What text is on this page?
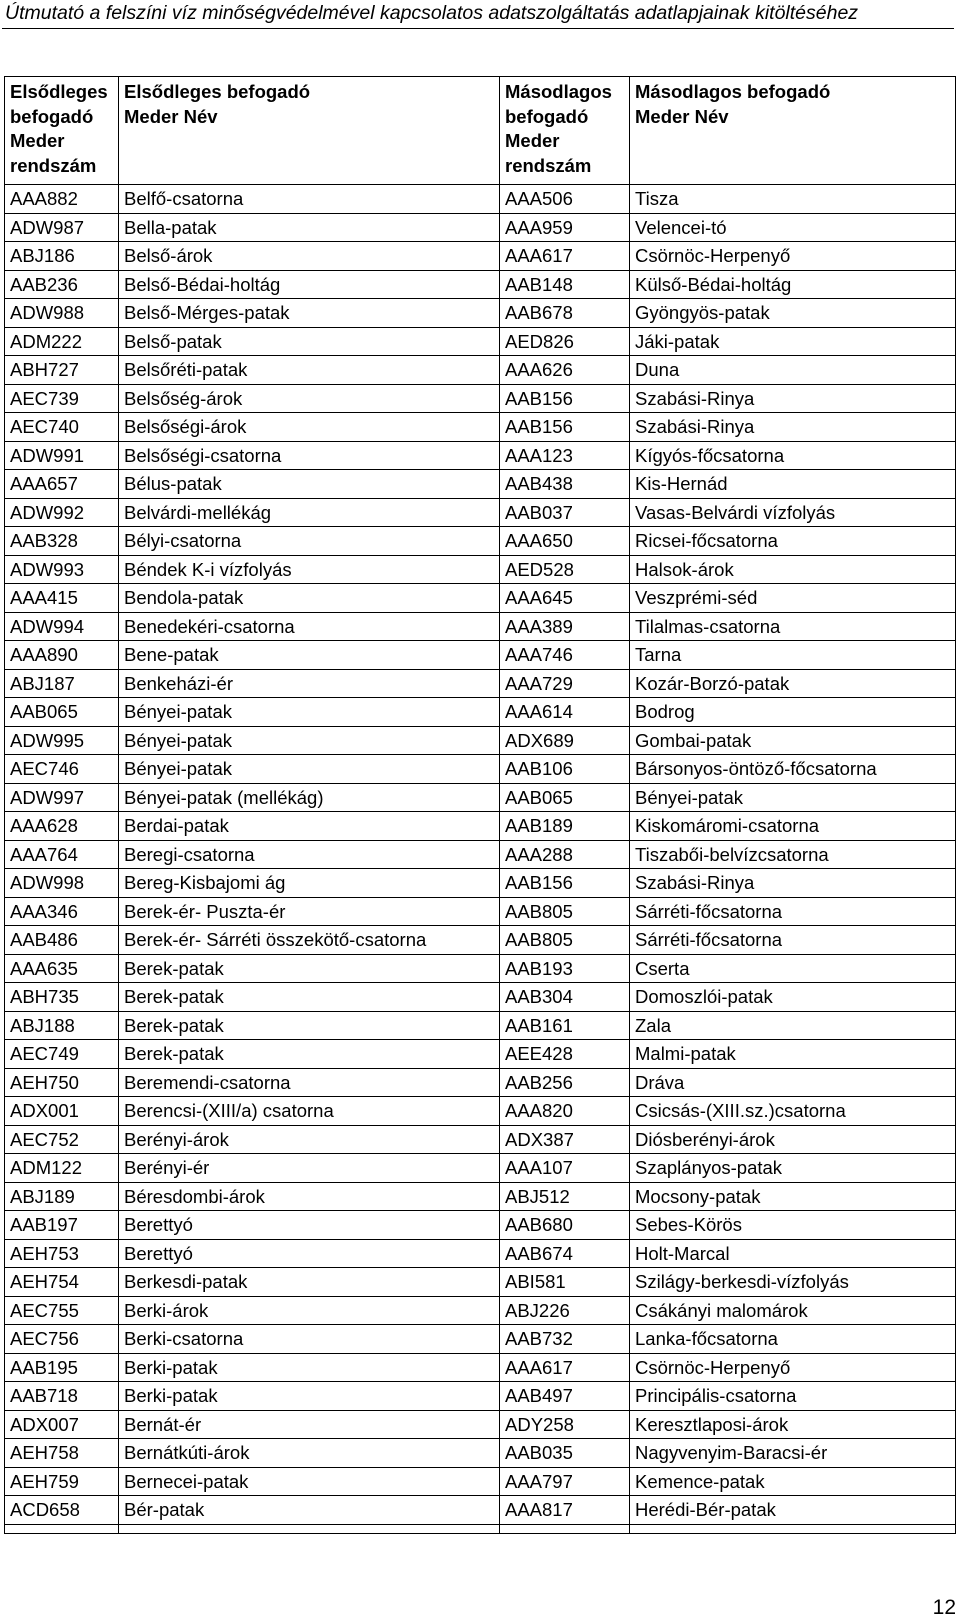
Útmutató a felszíni víz minőségvédelmével kapcsolatos adatszolgáltatás adatlapjainak kitöltéséhez
Elsődleges befogadó Meder rendszám	Elsődleges befogadó Meder Név	Másodlagos befogadó Meder rendszám	Másodlagos befogadó Meder Név

AAA882	Belfő-csatorna	AAA506	Tisza
ADW987	Bella-patak	AAA959	Velencei-tó
ABJ186	Belső-árok	AAA617	Csörnöc-Herpenyő
AAB236	Belső-Bédai-holtág	AAB148	Külső-Bédai-holtág
ADW988	Belső-Mérges-patak	AAB678	Gyöngyös-patak
ADM222	Belső-patak	AED826	Jáki-patak
ABH727	Belsőréti-patak	AAA626	Duna
AEC739	Belsőség-árok	AAB156	Szabási-Rinya
AEC740	Belsőségi-árok	AAB156	Szabási-Rinya
ADW991	Belsőségi-csatorna	AAA123	Kígyós-főcsatorna
AAA657	Bélus-patak	AAB438	Kis-Hernád
ADW992	Belvárdi-mellékág	AAB037	Vasas-Belvárdi vízfolyás
AAB328	Bélyi-csatorna	AAA650	Ricsei-főcsatorna
ADW993	Béndek K-i vízfolyás	AED528	Halsok-árok
AAA415	Bendola-patak	AAA645	Veszprémi-séd
ADW994	Benedekéri-csatorna	AAA389	Tilalmas-csatorna
AAA890	Bene-patak	AAA746	Tarna
ABJ187	Benkeházi-ér	AAA729	Kozár-Borzó-patak
AAB065	Bényei-patak	AAA614	Bodrog
ADW995	Bényei-patak	ADX689	Gombai-patak
AEC746	Bényei-patak	AAB106	Bársonyos-öntöző-főcsatorna
ADW997	Bényei-patak (mellékág)	AAB065	Bényei-patak
AAA628	Berdai-patak	AAB189	Kiskomáromi-csatorna
AAA764	Beregi-csatorna	AAA288	Tiszabői-belvízcsatorna
ADW998	Bereg-Kisbajomi ág	AAB156	Szabási-Rinya
AAA346	Berek-ér- Puszta-ér	AAB805	Sárréti-főcsatorna
AAB486	Berek-ér- Sárréti összekötő-csatorna	AAB805	Sárréti-főcsatorna
AAA635	Berek-patak	AAB193	Cserta
ABH735	Berek-patak	AAB304	Domoszlói-patak
ABJ188	Berek-patak	AAB161	Zala
AEC749	Berek-patak	AEE428	Malmi-patak
AEH750	Beremendi-csatorna	AAB256	Dráva
ADX001	Berencsi-(XIII/a) csatorna	AAA820	Csicsás-(XIII.sz.)csatorna
AEC752	Berényi-árok	ADX387	Diósberényi-árok
ADM122	Berényi-ér	AAA107	Szaplányos-patak
ABJ189	Béresdombi-árok	ABJ512	Mocsony-patak
AAB197	Berettyó	AAB680	Sebes-Körös
AEH753	Berettyó	AAB674	Holt-Marcal
AEH754	Berkesdi-patak	ABI581	Szilágy-berkesdi-vízfolyás
AEC755	Berki-árok	ABJ226	Csákányi malomárok
AEC756	Berki-csatorna	AAB732	Lanka-főcsatorna
AAB195	Berki-patak	AAA617	Csörnöc-Herpenyő
AAB718	Berki-patak	AAB497	Principális-csatorna
ADX007	Bernát-ér	ADY258	Keresztlaposi-árok
AEH758	Bernátkúti-árok	AAB035	Nagyvenyim-Baracsi-ér
AEH759	Bernecei-patak	AAA797	Kemence-patak
ACD658	Bér-patak	AAA817	Herédi-Bér-patak

12
